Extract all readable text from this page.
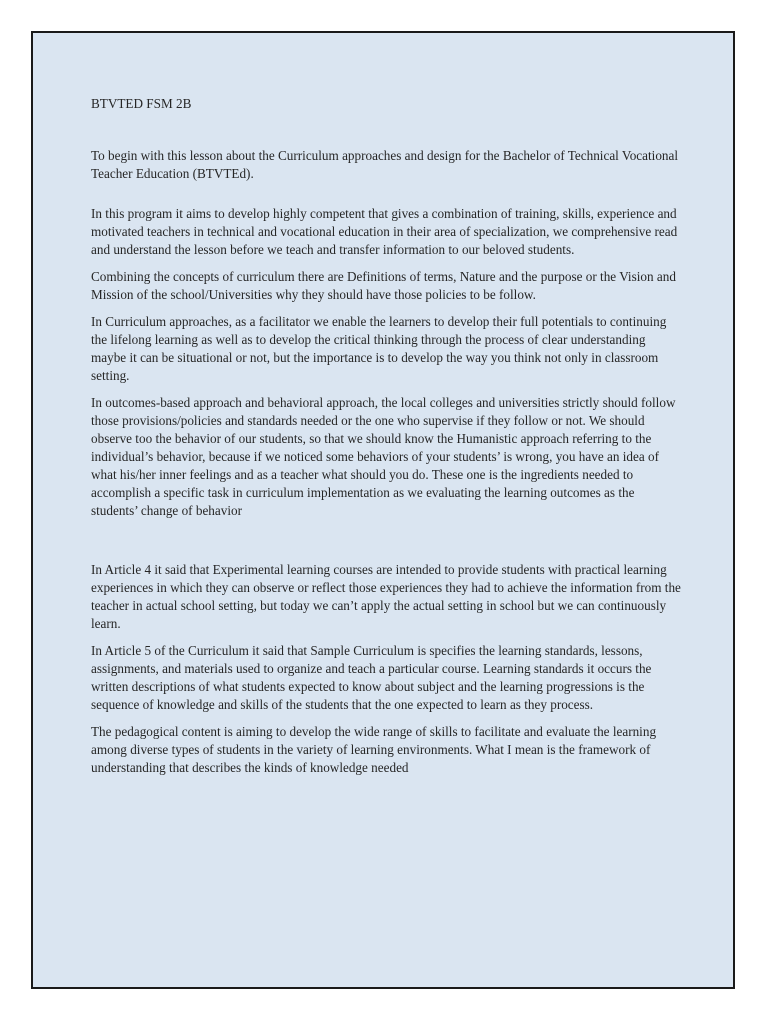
BTVTED FSM 2B

To begin with this lesson about the Curriculum approaches and design for the Bachelor of Technical Vocational Teacher Education (BTVTEd).

In this program it aims to develop highly competent that gives a combination of training, skills, experience and motivated teachers in technical and vocational education in their area of specialization, we comprehensive read and understand the lesson before we teach and transfer information to our beloved students.

Combining the concepts of curriculum there are Definitions of terms, Nature and the purpose or the Vision and Mission of the school/Universities why they should have those policies to be follow.

In Curriculum approaches, as a facilitator we enable the learners to develop their full potentials to continuing the lifelong learning as well as to develop the critical thinking through the process of clear understanding maybe it can be situational or not, but the importance is to develop the way you think not only in classroom setting.

In outcomes-based approach and behavioral approach, the local colleges and universities strictly should follow those provisions/policies and standards needed or the one who supervise if they follow or not. We should observe too the behavior of our students, so that we should know the Humanistic approach referring to the individual’s behavior, because if we noticed some behaviors of your students’ is wrong, you have an idea of what his/her inner feelings and as a teacher what should you do. These one is the ingredients needed to accomplish a specific task in curriculum implementation as we evaluating the learning outcomes as the students’ change of behavior

In Article 4 it said that Experimental learning courses are intended to provide students with practical learning experiences in which they can observe or reflect those experiences they had to achieve the information from the teacher in actual school setting, but today we can’t apply the actual setting in school but we can continuously learn.

In Article 5 of the Curriculum it said that Sample Curriculum is specifies the learning standards, lessons, assignments, and materials used to organize and teach a particular course. Learning standards it occurs the written descriptions of what students expected to know about subject and the learning progressions is the sequence of knowledge and skills of the students that the one expected to learn as they process.

The pedagogical content is aiming to develop the wide range of skills to facilitate and evaluate the learning among diverse types of students in the variety of learning environments. What I mean is the framework of understanding that describes the kinds of knowledge needed
